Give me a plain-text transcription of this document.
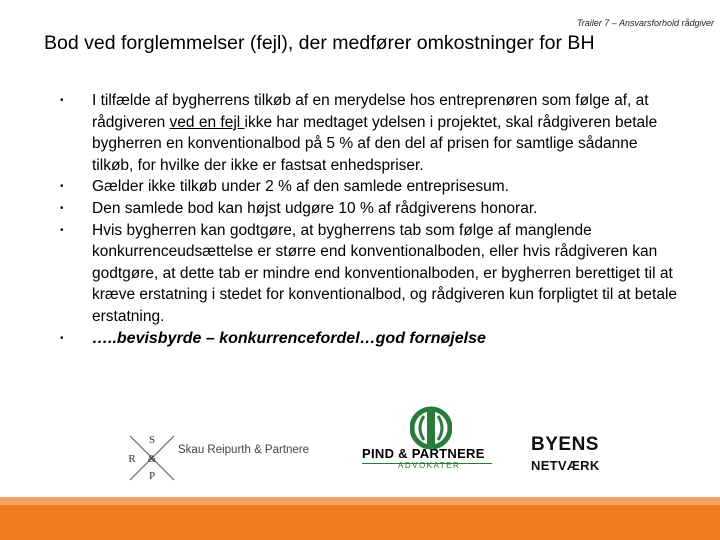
Trailer 7 – Ansvarsforhold rådgiver
Bod ved forglemmelser (fejl), der medfører omkostninger for BH
• I tilfælde af bygherrens tilkøb af en merydelse hos entreprenøren som følge af, at rådgiveren ved en fejl ikke har medtaget ydelsen i projektet, skal rådgiveren betale bygherren en konventionalbod på 5 % af den del af prisen for samtlige sådanne tilkøb, for hvilke der ikke er fastsat enhedspriser.
• Gælder ikke tilkøb under 2 % af den samlede entreprisesum.
• Den samlede bod kan højst udgøre 10 % af rådgiverens honorar.
• Hvis bygherren kan godtgøre, at bygherrens tab som følge af manglende konkurrenceudsættelse er større end konventionalboden, eller hvis rådgiveren kan godtgøre, at dette tab er mindre end konventionalboden, er bygherren berettiget til at kræve erstatning i stedet for konventionalbod, og rådgiveren kun forpligtet til at betale erstatning.
• …..bevisbyrde – konkurrencefordel…god fornøjelse
S
R &
P
Skau Reipurth & Partnere	PIND & PARTNERE
ADVOKATER
BYENS
NETVÆRK
